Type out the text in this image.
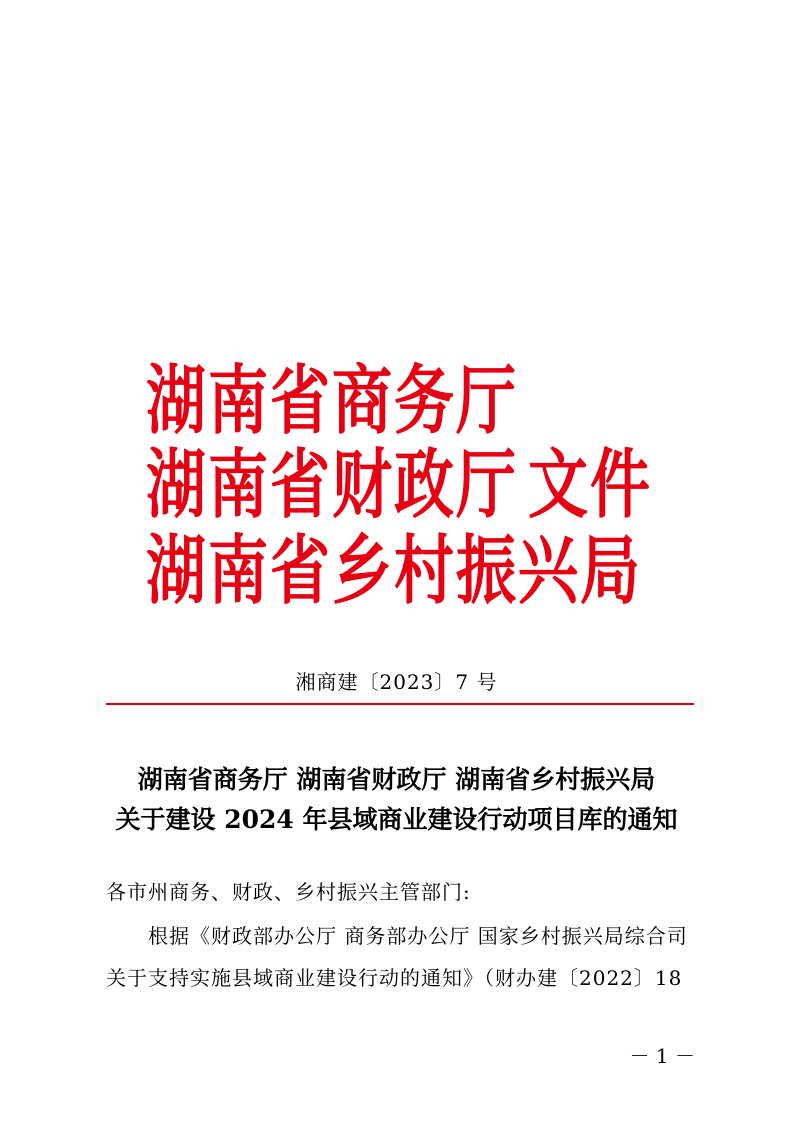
湖南省商务厅
湖南省财政厅
湖南省乡村振兴局
文件
湘商建〔2023〕7 号
湖南省商务厅 湖南省财政厅 湖南省乡村振兴局
关于建设 2024 年县域商业建设行动项目库的通知
各市州商务、财政、乡村振兴主管部门:
根据《财政部办公厅 商务部办公厅 国家乡村振兴局综合司
关于支持实施县域商业建设行动的通知》（财办建〔2022〕18
－ 1 －
